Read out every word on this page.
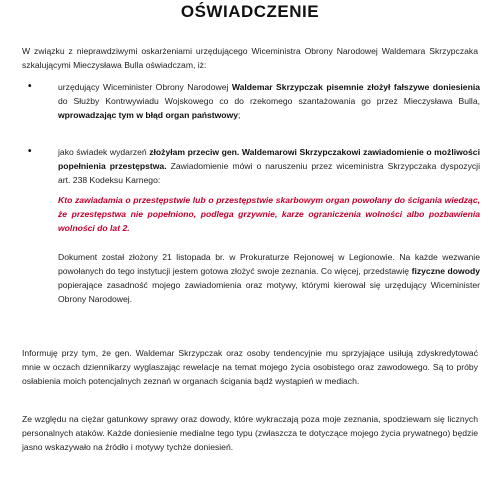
OŚWIADCZENIE
W związku z nieprawdziwymi oskarżeniami urzędującego Wiceministra Obrony Narodowej Waldemara Skrzypczaka szkalującymi Mieczysława Bulla oświadczam, iż:
•	urzędujący Wiceminister Obrony Narodowej Waldemar Skrzypczak pisemnie złożył fałszywe doniesienia do Służby Kontrwywiadu Wojskowego co do rzekomego szantażowania go przez Mieczysława Bulla, wprowadzając tym w błąd organ państwowy;
•	jako świadek wydarzeń złożyłam przeciw gen. Waldemarowi Skrzypczakowi zawiadomienie o możliwości popełnienia przestępstwa. Zawiadomienie mówi o naruszeniu przez wiceministra Skrzypczaka dyspozycji art. 238 Kodeksu Karnego:
Kto zawiadamia o przestępstwie lub o przestępstwie skarbowym organ powołany do ścigania wiedząc, że przestępstwa nie popełniono, podlega grzywnie, karze ograniczenia wolności albo pozbawienia wolności do lat 2.
Dokument został złożony 21 listopada br. w Prokuraturze Rejonowej w Legionowie. Na każde wezwanie powołanych do tego instytucji jestem gotowa złożyć swoje zeznania. Co więcej, przedstawię fizyczne dowody popierające zasadność mojego zawiadomienia oraz motywy, którymi kierował się urzędujący Wiceminister Obrony Narodowej.
Informuję przy tym, że gen. Waldemar Skrzypczak oraz osoby tendencyjnie mu sprzyjające usiłują zdyskredytować mnie w oczach dziennikarzy wyglaszając rewelacje na temat mojego życia osobistego oraz zawodowego. Są to próby osłabienia moich potencjalnych zeznań w organach ścigania bądź wystąpień w mediach.
Ze względu na ciężar gatunkowy sprawy oraz dowody, które wykraczają poza moje zeznania, spodziewam się licznych personalnych ataków. Każde doniesienie medialne tego typu (zwłaszcza te dotyczące mojego życia prywatnego) będzie jasno wskazywało na źródło i motywy tychże doniesień.
